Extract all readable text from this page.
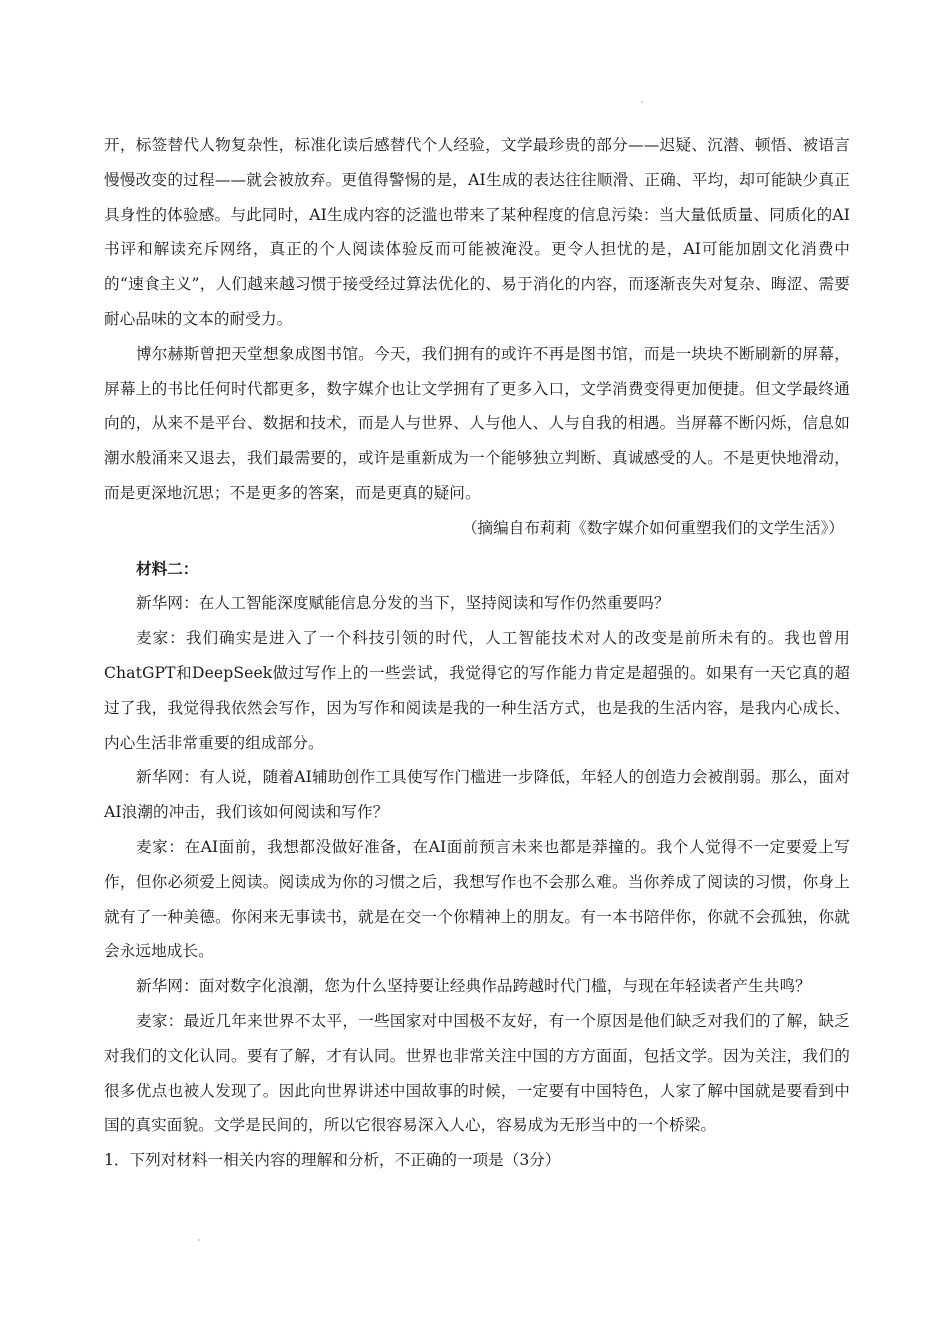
开，标签替代人物复杂性，标准化读后感替代个人经验，文学最珍贵的部分——迟疑、沉潜、顿悟、被语言慢慢改变的过程——就会被放弃。更值得警惕的是，AI生成的表达往往顺滑、正确、平均，却可能缺少真正具身性的体验感。与此同时，AI生成内容的泛滥也带来了某种程度的信息污染：当大量低质量、同质化的AI书评和解读充斥网络，真正的个人阅读体验反而可能被淹没。更令人担忧的是，AI可能加剧文化消费中的“速食主义”，人们越来越习惯于接受经过算法优化的、易于消化的内容，而逐渐丧失对复杂、晦涩、需要耐心品味的文本的耐受力。

博尔赫斯曾把天堂想象成图书馆。今天，我们拥有的或许不再是图书馆，而是一块块不断刷新的屏幕，屏幕上的书比任何时代都更多，数字媒介也让文学拥有了更多入口，文学消费变得更加便捷。但文学最终通向的，从来不是平台、数据和技术，而是人与世界、人与他人、人与自我的相遇。当屏幕不断闪烁，信息如潮水般涌来又退去，我们最需要的，或许是重新成为一个能够独立判断、真诚感受的人。不是更快地滑动，而是更深地沉思；不是更多的答案，而是更真的疑问。

（摘编自布莉莉《数字媒介如何重塑我们的文学生活》）

材料二：

新华网：在人工智能深度赋能信息分发的当下，坚持阅读和写作仍然重要吗？

麦家：我们确实是进入了一个科技引领的时代，人工智能技术对人的改变是前所未有的。我也曾用ChatGPT和DeepSeek做过写作上的一些尝试，我觉得它的写作能力肯定是超强的。如果有一天它真的超过了我，我觉得我依然会写作，因为写作和阅读是我的一种生活方式，也是我的生活内容，是我内心成长、内心生活非常重要的组成部分。

新华网：有人说，随着AI辅助创作工具使写作门槛进一步降低，年轻人的创造力会被削弱。那么，面对AI浪潮的冲击，我们该如何阅读和写作？

麦家：在AI面前，我想都没做好准备，在AI面前预言未来也都是莽撞的。我个人觉得不一定要爱上写作，但你必须爱上阅读。阅读成为你的习惯之后，我想写作也不会那么难。当你养成了阅读的习惯，你身上就有了一种美德。你闲来无事读书，就是在交一个你精神上的朋友。有一本书陪伴你，你就不会孤独，你就会永远地成长。

新华网：面对数字化浪潮，您为什么坚持要让经典作品跨越时代门槛，与现在年轻读者产生共鸣？

麦家：最近几年来世界不太平，一些国家对中国极不友好，有一个原因是他们缺乏对我们的了解，缺乏对我们的文化认同。要有了解，才有认同。世界也非常关注中国的方方面面，包括文学。因为关注，我们的很多优点也被人发现了。因此向世界讲述中国故事的时候，一定要有中国特色，人家了解中国就是要看到中国的真实面貌。文学是民间的，所以它很容易深入人心，容易成为无形当中的一个桥梁。

1．下列对材料一相关内容的理解和分析，不正确的一项是（3分）
